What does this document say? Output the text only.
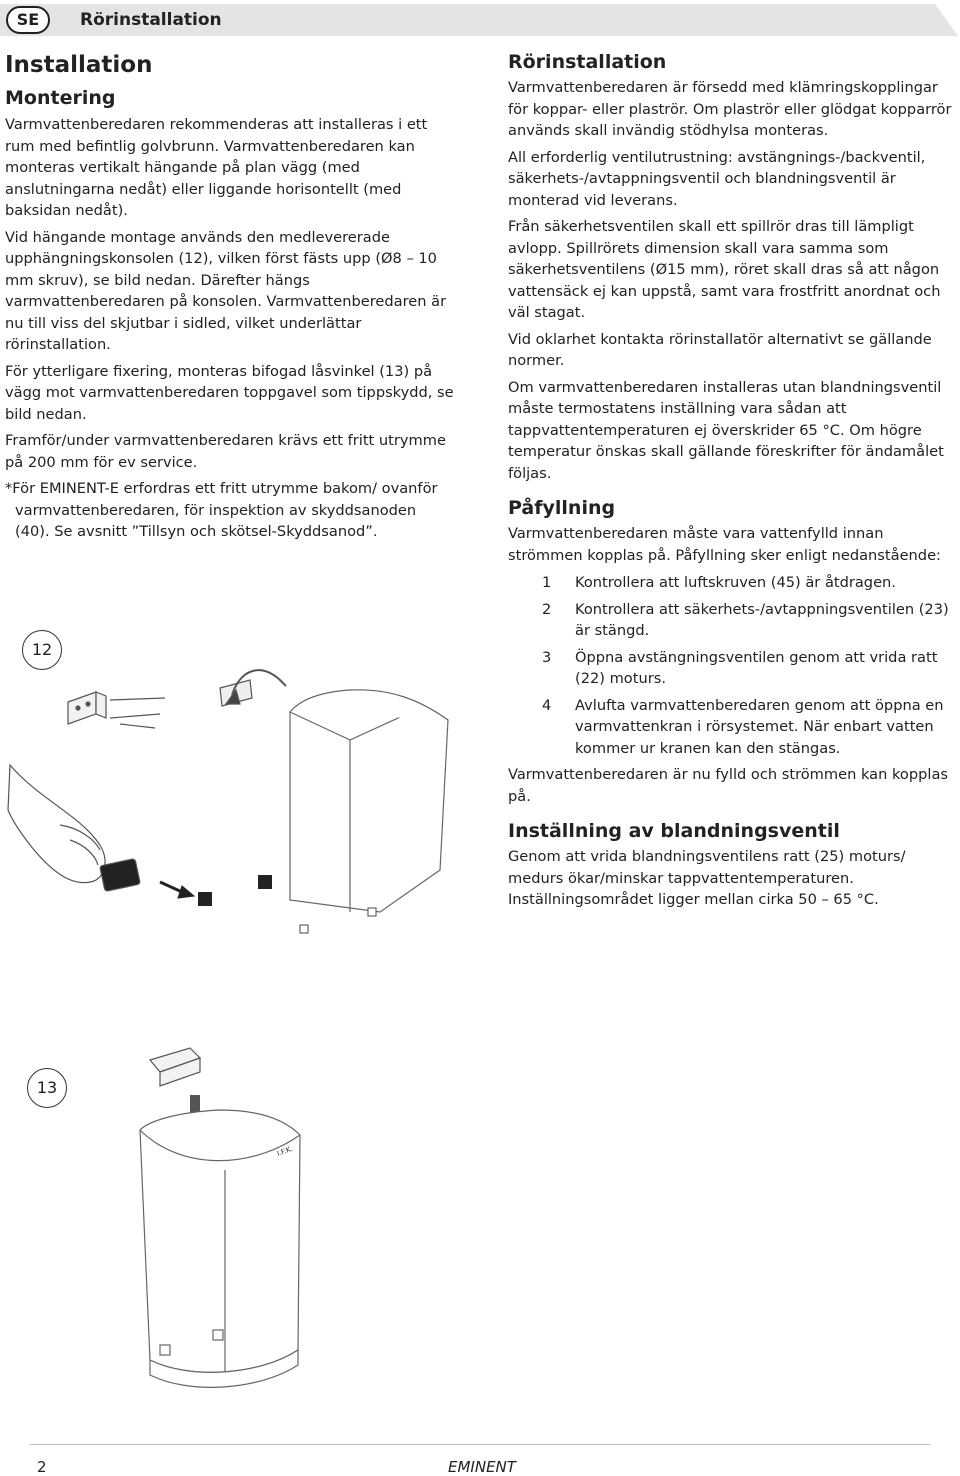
SE	Rörinstallation
Installation
Montering

Varmvattenberedaren rekommenderas att installeras i ett rum med befintlig golvbrunn. Varmvattenberedaren kan monteras vertikalt hängande på plan vägg (med anslutningarna nedåt) eller liggande horisontellt (med baksidan nedåt).

Vid hängande montage används den medlevererade upphängningskonsolen (12), vilken först fästs upp (Ø8 – 10 mm skruv), se bild nedan. Därefter hängs varmvattenberedaren på konsolen. Varmvattenberedaren är nu till viss del skjutbar i sidled, vilket underlättar rörinstallation.

För ytterligare fixering, monteras bifogad låsvinkel (13) på vägg mot varmvattenberedaren toppgavel som tippskydd, se bild nedan.

Framför/under varmvattenberedaren krävs ett fritt utrymme på 200 mm för ev service.

*För EMINENT-E erfordras ett fritt utrymme bakom/ ovanför varmvattenberedaren, för inspektion av skyddsanoden (40). Se avsnitt ”Tillsyn och skötsel-Skyddsanod”.

Rörinstallation

Varmvattenberedaren är försedd med klämringskopplingar för koppar- eller plaströr. Om plaströr eller glödgat kopparrör används skall invändig stödhylsa monteras.

All erforderlig ventilutrustning: avstängnings-/backventil, säkerhets-/avtappningsventil och blandningsventil är monterad vid leverans.

Från säkerhetsventilen skall ett spillrör dras till lämpligt avlopp. Spillrörets dimension skall vara samma som säkerhetsventilens (Ø15 mm), röret skall dras så att någon vattensäck ej kan uppstå, samt vara frostfritt anordnat och väl stagat.

Vid oklarhet kontakta rörinstallatör alternativt se gällande normer.

Om varmvattenberedaren installeras utan blandningsventil måste termostatens inställning vara sådan att tappvattentemperaturen ej överskrider 65 °C. Om högre temperatur önskas skall gällande föreskrifter för ändamålet följas.

Påfyllning

Varmvattenberedaren måste vara vattenfylld innan strömmen kopplas på. Påfyllning sker enligt nedanstående:

1 Kontrollera att luftskruven (45) är åtdragen.
2 Kontrollera att säkerhets-/avtappningsventilen (23) är stängd.
3 Öppna avstängningsventilen genom att vrida ratt (22) moturs.
4 Avlufta varmvattenberedaren genom att öppna en varmvattenkran i rörsystemet. När enbart vatten kommer ur kranen kan den stängas.

Varmvattenberedaren är nu fylld och strömmen kan kopplas på.

Inställning av blandningsventil

Genom att vrida blandningsventilens ratt (25) moturs/ medurs ökar/minskar tappvattentemperaturen. Inställningsområdet ligger mellan cirka 50 – 65 °C.

12
13
I.F.K.
2	EMINENT
